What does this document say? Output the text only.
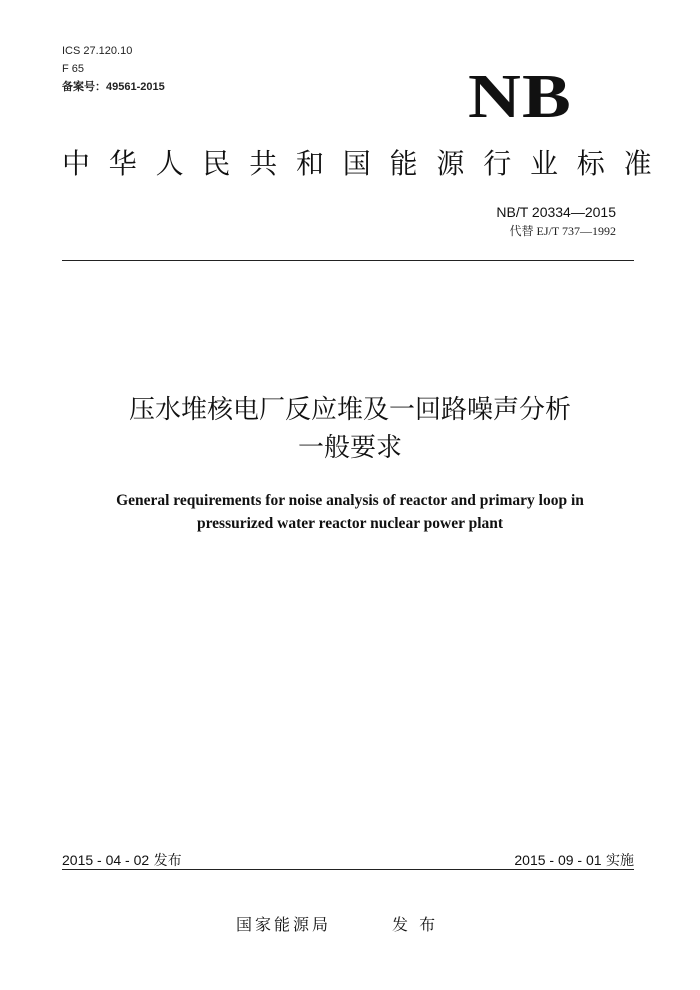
ICS 27.120.10
F 65
备案号：49561-2015	NB
中华人民共和国能源行业标准
NB/T 20334—2015
代替 EJ/T 737—1992
压水堆核电厂反应堆及一回路噪声分析
一般要求
General requirements for noise analysis of reactor and primary loop in
pressurized water reactor nuclear power plant
2015 - 04 - 02 发布	2015 - 09 - 01 实施
国家能源局	发 布
